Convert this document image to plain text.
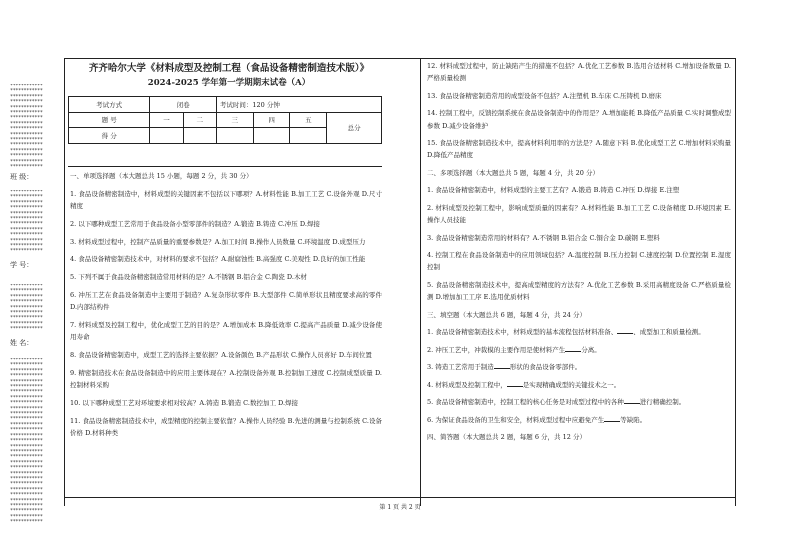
************
************
************
************
************
************
************
************
************
************
************
************
************
************
************
************
班 级：
************
************
************
************
************
************
************
************
************
************
************
************
学 号：
************
************
************
************
************
************
************
************
************
姓 名：
************
************
************
************
************
************
************
************
************
************
************
************
************
************
************
************
************
************
************
************
************
************
************
************
************
************
************
************
************
************
************
齐齐哈尔大学《材料成型及控制工程（食品设备精密制造技术版）》
2024-2025 学年第一学期期末试卷（A）
考试方式	闭卷		考试时间：120 分钟			
题 号	一	二	三	四	五	总分
得 分						
一、单项选择题（本大题总共 15 小题，每题 2 分，共 30 分）
1. 食品设备精密制造中，材料成型的关键因素不包括以下哪项？A.材料性能 B.加工工艺 C.设备外观 D.尺寸精度
2. 以下哪种成型工艺常用于食品设备小型零部件的制造？A.锻造 B.铸造 C.冲压 D.焊接
3. 材料成型过程中，控制产品质量的重要参数是？A.加工时间 B.操作人员数量 C.环境温度 D.成型压力
4. 食品设备精密制造技术中，对材料的要求不包括？A.耐腐蚀性 B.高强度 C.美观性 D.良好的加工性能
5. 下列不属于食品设备精密制造常用材料的是？A.不锈钢 B.铝合金 C.陶瓷 D.木材
6. 冲压工艺在食品设备制造中主要用于制造？A.复杂形状零件 B.大型部件 C.简单形状且精度要求高的零件 D.内部结构件
7. 材料成型及控制工程中，优化成型工艺的目的是？A.增加成本 B.降低效率 C.提高产品质量 D.减少设备使用寿命
8. 食品设备精密制造中，成型工艺的选择主要依据？A.设备颜色 B.产品形状 C.操作人员喜好 D.车间位置
9. 精密制造技术在食品设备制造中的应用主要体现在？A.控制设备外观 B.控制加工速度 C.控制成型质量 D.控制材料采购
10. 以下哪种成型工艺对环境要求相对较高？A.铸造 B.锻造 C.数控加工 D.焊接
11. 食品设备精密制造技术中，成型精度的控制主要依靠？A.操作人员经验 B.先进的测量与控制系统 C.设备价格 D.材料种类
12. 材料成型过程中，防止缺陷产生的措施不包括？A.优化工艺参数 B.选用合适材料 C.增加设备数量 D.严格质量检测
13. 食品设备精密制造常用的成型设备不包括？A.注塑机 B.车床 C.压铸机 D.磨床
14. 控制工程中，反馈控制系统在食品设备制造中的作用是？A.增加能耗 B.降低产品质量 C.实时调整成型参数 D.减少设备维护
15. 食品设备精密制造技术中，提高材料利用率的方法是？A.随意下料 B.优化成型工艺 C.增加材料采购量 D.降低产品精度
二、多项选择题（本大题总共 5 题，每题 4 分，共 20 分）
1. 食品设备精密制造中，材料成型的主要工艺有？A.锻造 B.铸造 C.冲压 D.焊接 E.注塑
2. 材料成型及控制工程中，影响成型质量的因素有？A.材料性能 B.加工工艺 C.设备精度 D.环境因素 E.操作人员技能
3. 食品设备精密制造常用的材料有？A.不锈钢 B.铝合金 C.铜合金 D.碳钢 E.塑料
4. 控制工程在食品设备制造中的应用领域包括？A.温度控制 B.压力控制 C.速度控制 D.位置控制 E.湿度控制
5. 食品设备精密制造技术中，提高成型精度的方法有？A.优化工艺参数 B.采用高精度设备 C.严格质量检测 D.增加加工工序 E.选用优质材料
三、填空题（本大题总共 6 题，每题 4 分，共 24 分）
1. 食品设备精密制造技术中，材料成型的基本流程包括材料准备、 、成型加工和质量检测。
2. 冲压工艺中，冲裁模的主要作用是使材料产生 分离。
3. 铸造工艺常用于制造 形状的食品设备零部件。
4. 材料成型及控制工程中， 是实现精确成型的关键技术之一。
5. 食品设备精密制造中，控制工程的核心任务是对成型过程中的各种 进行精确控制。
6. 为保证食品设备的卫生和安全，材料成型过程中应避免产生 等缺陷。
四、简答题（本大题总共 2 题，每题 6 分，共 12 分）
第 1 页 共 2 页
